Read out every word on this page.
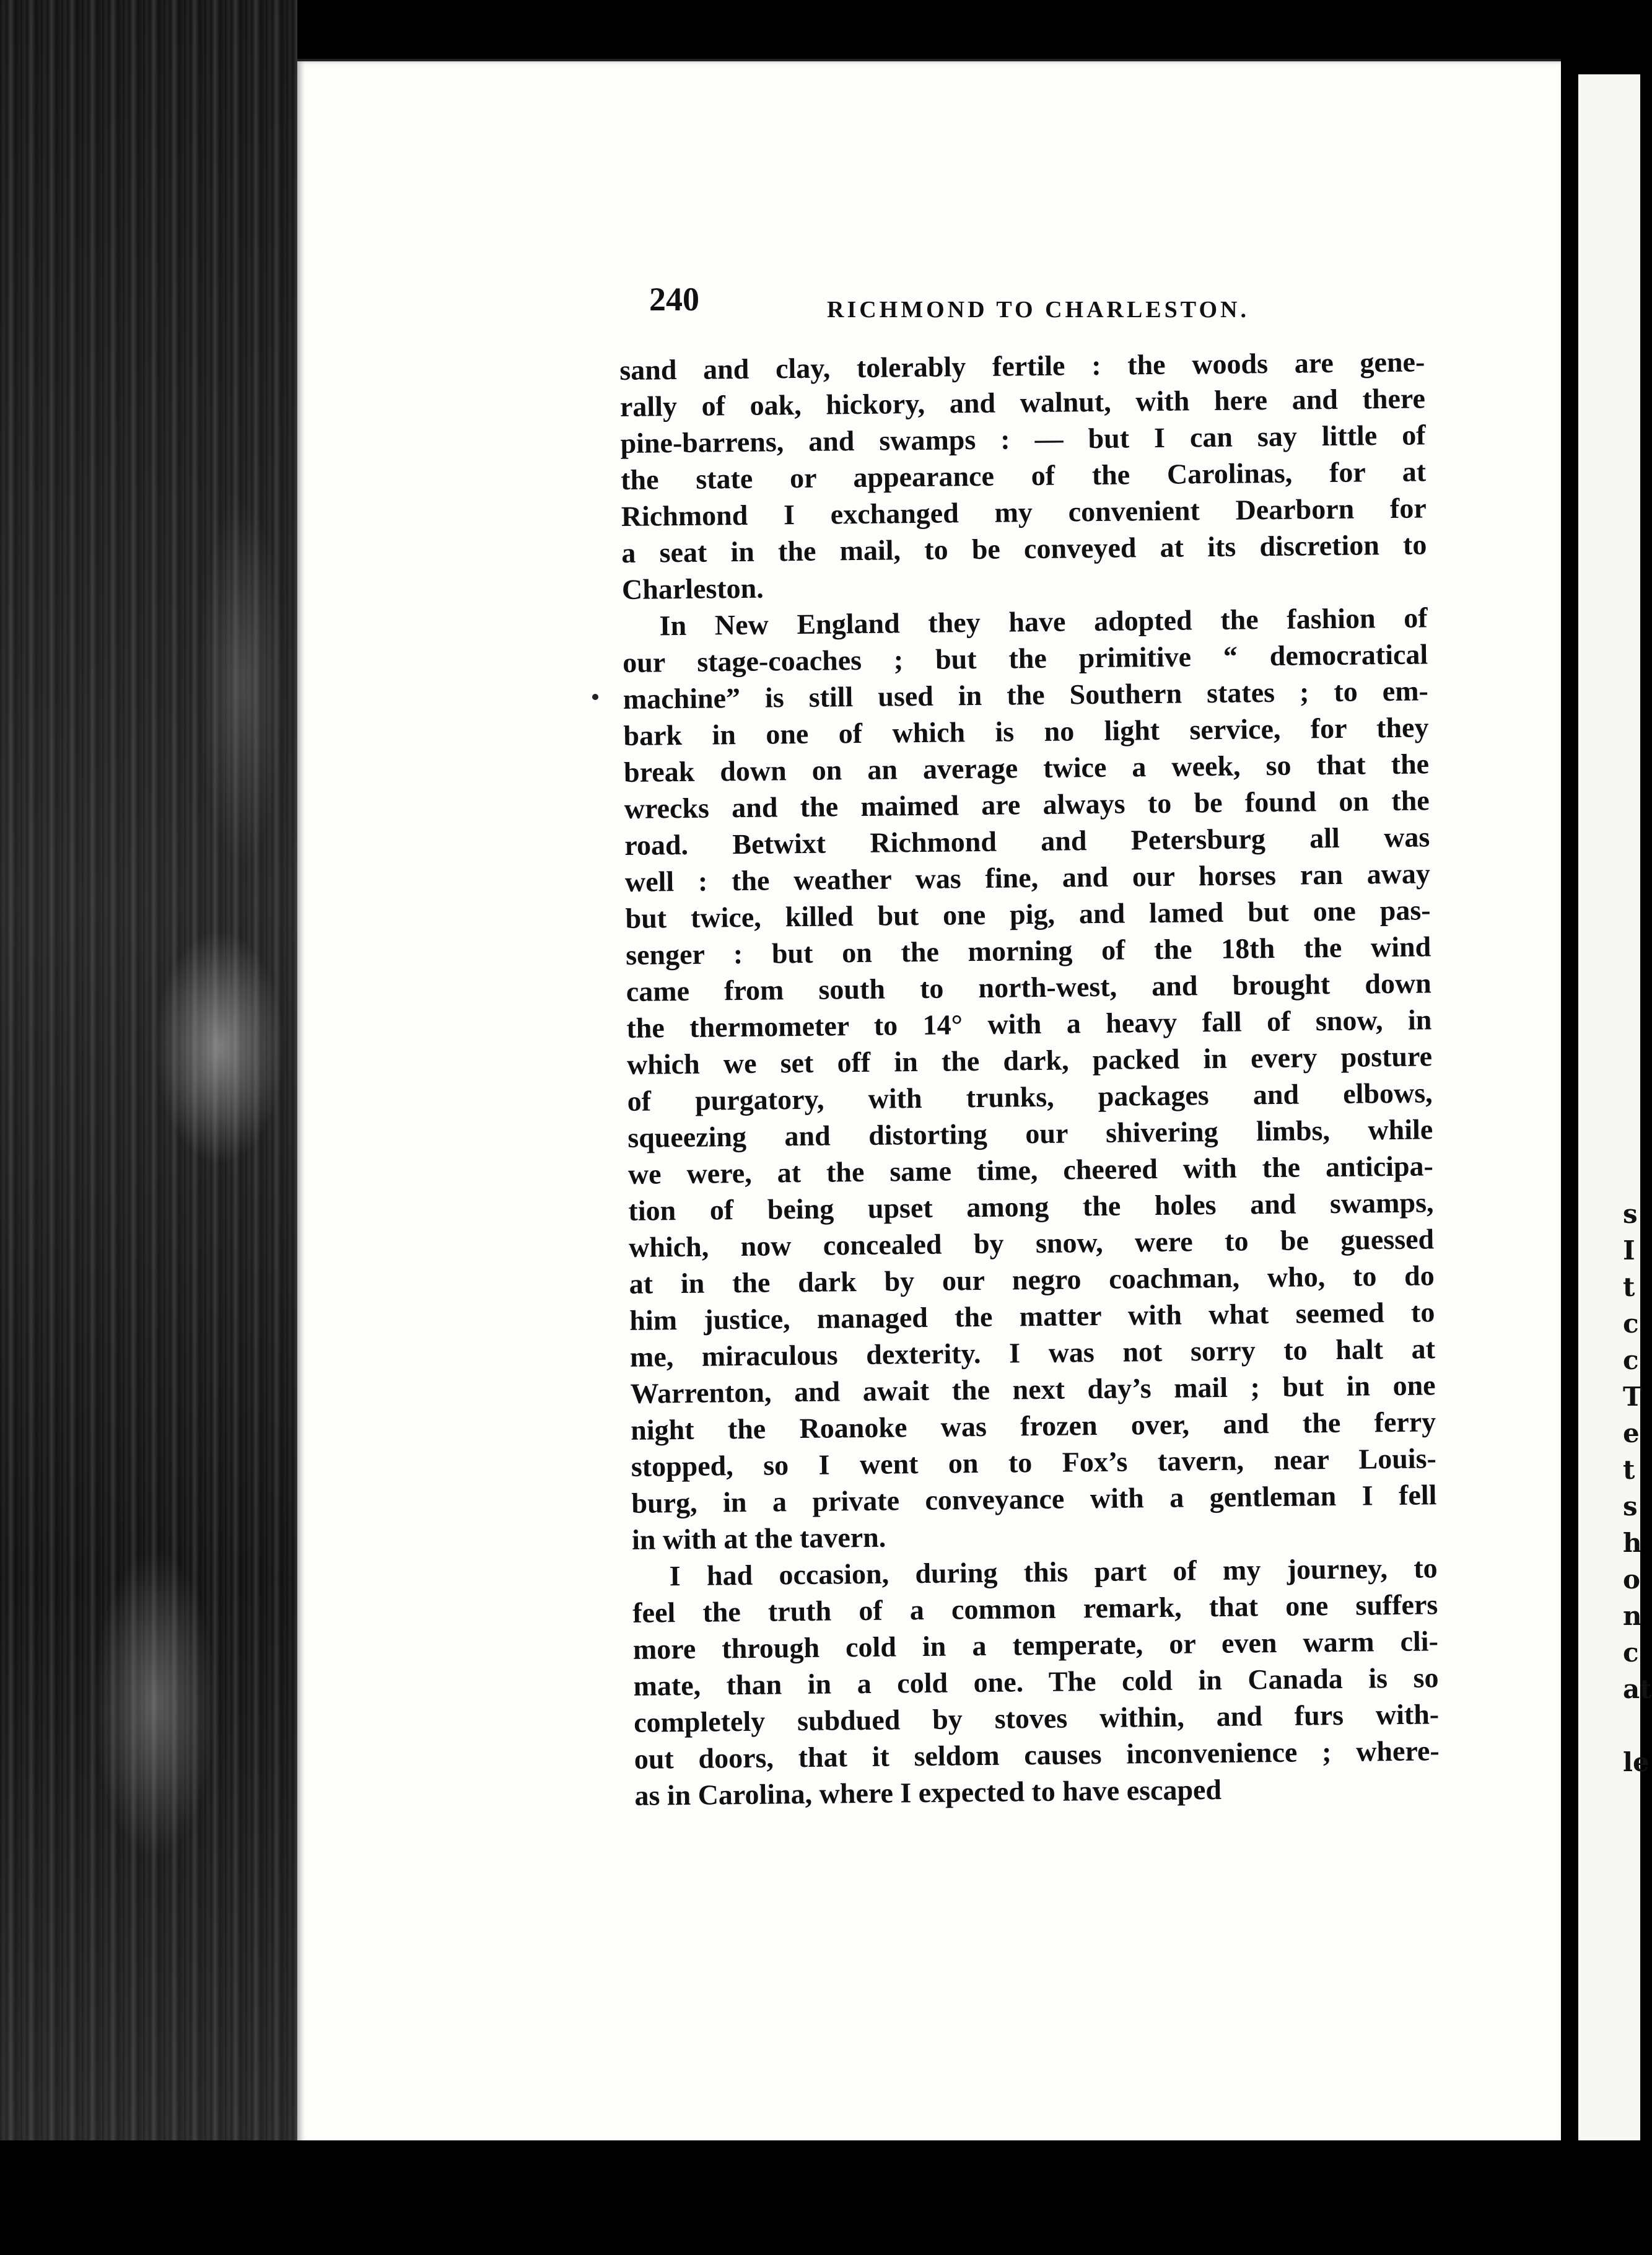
s
I
t
c
c
T
e
t
s
h
o
n
c
at

le
240	RICHMOND TO CHARLESTON.

sand and clay, tolerably fertile : the woods are gene-
rally of oak, hickory, and walnut, with here and there
pine-barrens, and swamps : — but I can say little of
the state or appearance of the Carolinas, for at
Richmond I exchanged my convenient Dearborn for
a seat in the mail, to be conveyed at its discretion to
Charleston.

In New England they have adopted the fashion of
our stage-coaches ; but the primitive “ democratical
machine” is still used in the Southern states ; to em-
bark in one of which is no light service, for they
break down on an average twice a week, so that the
wrecks and the maimed are always to be found on the
road. Betwixt Richmond and Petersburg all was
well : the weather was fine, and our horses ran away
but twice, killed but one pig, and lamed but one pas-
senger : but on the morning of the 18th the wind
came from south to north-west, and brought down
the thermometer to 14° with a heavy fall of snow, in
which we set off in the dark, packed in every posture
of purgatory, with trunks, packages and elbows,
squeezing and distorting our shivering limbs, while
we were, at the same time, cheered with the anticipa-
tion of being upset among the holes and swamps,
which, now concealed by snow, were to be guessed
at in the dark by our negro coachman, who, to do
him justice, managed the matter with what seemed to
me, miraculous dexterity. I was not sorry to halt at
Warrenton, and await the next day’s mail ; but in one
night the Roanoke was frozen over, and the ferry
stopped, so I went on to Fox’s tavern, near Louis-
burg, in a private conveyance with a gentleman I fell
in with at the tavern.

I had occasion, during this part of my journey, to
feel the truth of a common remark, that one suffers
more through cold in a temperate, or even warm cli-
mate, than in a cold one. The cold in Canada is so
completely subdued by stoves within, and furs with-
out doors, that it seldom causes inconvenience ; where-
as in Carolina, where I expected to have escaped
